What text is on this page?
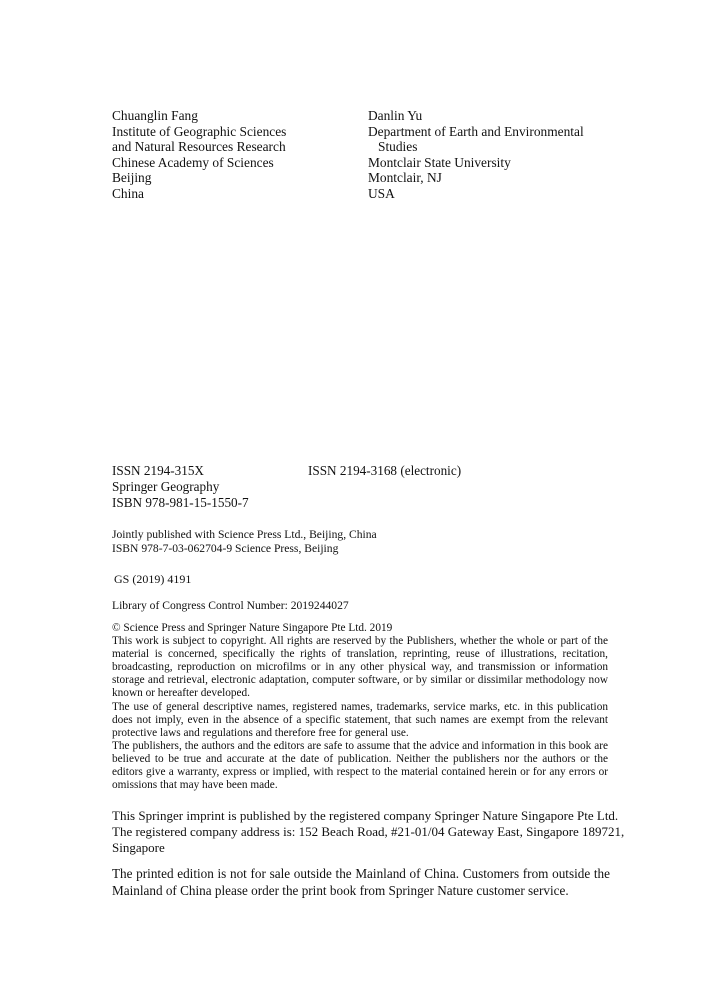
Chuanglin Fang
Institute of Geographic Sciences
and Natural Resources Research
Chinese Academy of Sciences
Beijing
China
Danlin Yu
Department of Earth and Environmental
Studies
Montclair State University
Montclair, NJ
USA
ISSN 2194-315X	ISSN 2194-3168 (electronic)
Springer Geography
ISBN 978-981-15-1550-7
Jointly published with Science Press Ltd., Beijing, China
ISBN 978-7-03-062704-9 Science Press, Beijing
GS (2019) 4191
Library of Congress Control Number: 2019244027

© Science Press and Springer Nature Singapore Pte Ltd. 2019

This work is subject to copyright. All rights are reserved by the Publishers, whether the whole or part of the material is concerned, specifically the rights of translation, reprinting, reuse of illustrations, recitation, broadcasting, reproduction on microfilms or in any other physical way, and transmission or information storage and retrieval, electronic adaptation, computer software, or by similar or dissimilar methodology now known or hereafter developed.

The use of general descriptive names, registered names, trademarks, service marks, etc. in this publication does not imply, even in the absence of a specific statement, that such names are exempt from the relevant protective laws and regulations and therefore free for general use.

The publishers, the authors and the editors are safe to assume that the advice and information in this book are believed to be true and accurate at the date of publication. Neither the publishers nor the authors or the editors give a warranty, express or implied, with respect to the material contained herein or for any errors or omissions that may have been made.

This Springer imprint is published by the registered company Springer Nature Singapore Pte Ltd.
The registered company address is: 152 Beach Road, #21-01/04 Gateway East, Singapore 189721,
Singapore

The printed edition is not for sale outside the Mainland of China. Customers from outside the Mainland of China please order the print book from Springer Nature customer service.
